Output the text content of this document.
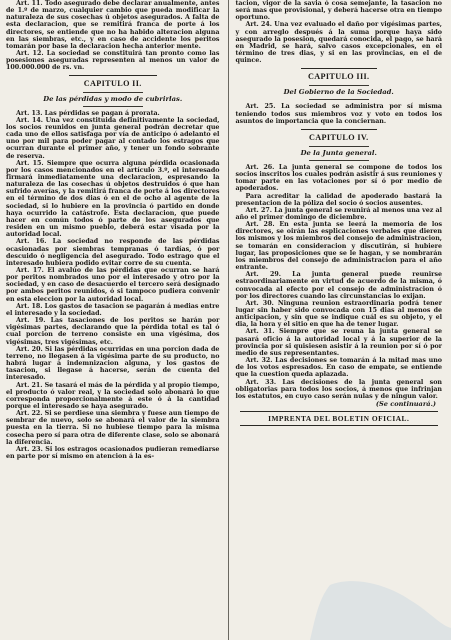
Art. 11. Todo asegurado debe declarar anualmente, antes de 1.º de marzo, cualquier cambio que pueda modificar la naturaleza de sus cosechas ú objetos asegurados. A falta de esta declaracion, que se remitirá franca de porte á los directores, se entiende que no ha habido alteracion alguna en las siembras, etc., y en caso de accidente los peritos tomarán por base la declaracion hecha anterior mente.

Art. 12. La sociedad se constituirá tan pronto como las posesiones aseguradas representen al menos un valor de 100.000.000 de rs. vn.

CAPITULO II.

De las pérdidas y modo de cubrirlas.

Art. 13. Las pérdidas se pagan á prorata.

Art. 14. Una vez constituida definitivamente la sociedad, los socios reunidos en junta general podrán decretar que cada uno de ellos satisfaga por vía de anticipo ó adelanto el uno por mil para poder pagar al contado los estragos que ocurran durante el primer año, y tener un fondo sobrante de reserva.

Art. 15. Siempre que ocurra alguna pérdida ocasionada por los casos mencionados en el artículo 3.º, el interesado firmará inmediatamente una declaracion, espresando la naturaleza de las cosechas ú objetos destruidos ó que han sufrido averías, y la remitirá franca de porte á los directores en el término de dos dias ó en el de ocho al agente de la sociedad, si lo hubiere en la provincia ó partido en donde haya ocurrido la catástrofe. Esta declaracion, que puede hacer en común todos ó parte de los asegurados que residen en un mismo pueblo, deberá estar visada por la autoridad local.

Art. 16. La sociedad no responde de las pérdidas ocasionadas por siembras tempranas ó tardías, ó por descuido ó negligencia del asegurado. Todo estrago que el interesado hubiera podido evitar corre de su cuenta.

Art. 17. El avalúo de las pérdidas que ocurran se hará por peritos nombrados uno por el interesado y otro por la sociedad, y en caso de desacuerdo el tercero será designado por ambos peritos reunidos, ó si tampoco pudiera convenir en esta eleccion por la autoridad local.

Art. 18. Los gastos de tasacion se pagarán á medias entre el interesado y la sociedad.

Art. 19. Las tasaciones de los peritos se harán por vigésimas partes, declarando que la pérdida total es tal ó cual porcion de terreno consiste en una vigésima, dos vigésimas, tres vigésimas, etc.

Art. 20. Si las pérdidas ocurridas en una porcion dada de terreno, no llegasen á la vigésima parte de su producto, no habrá lugar á indemnizacion alguna, y los gastos de tasacion, si llegase á hacerse, serán de cuenta del interesado.

Art. 21. Se tasará el más de la pérdida y al propio tiempo, el producto ó valor real, y la sociedad solo abonará lo que corresponda proporcionalmente á este ó á la cantidad porque el interesado se haya asegurado.

Art. 22. Si se perdiese una siembra y fuese aun tiempo de sembrar de nuevo, solo se abonará el valor de la siembra puesta en la tierra. Si no hubiese tiempo para la misma cosecha pero sí para otra de diferente clase, solo se abonará la diferencia.

Art. 23. Si los estragos ocasionados pudieran remediarse en parte por sí mismo en atencion á la es-

tacion, vigor de la savia ó cosa semejante, la tasacion no será mas que provisional, y deberá hacerse otra en tiempo oportuno.

Art. 24. Una vez evaluado el daño por vigésimas partes, y con arreglo después á la suma porque haya sido asegurado la posesion, quedará conocida, el pago, se hará en Madrid, se hará, salvo casos excepcionales, en el término de tres dias, y si en las provincias, en el de quince.

CAPITULO III.

Del Gobierno de la Sociedad.

Art. 25. La sociedad se administra por sí misma teniendo todos sus miembros voz y voto en todos los asuntos de importancia que la conciernan.

CAPITULO IV.

De la Junta general.

Art. 26. La junta general se compone de todos los socios inscritos los cuales podrán asistir á sus reuniones y tomar parte en las votaciones por sí ó por medio de apoderados.

Para acreditar la calidad de apoderado bastará la presentacion de la póliza del socio ó socios ausentes.

Art. 27. La junta general se reunirá al menos una vez al año el primer domingo de diciembre.

Art. 28. En esta junta se leerá la memoria de los directores, se oirán las esplicaciones verbales que dieren los mismos y los miembros del consejo de administracion, se tomarán en consideracion y discutirán, si hubiere lugar, las proposiciones que se le hagan, y se nombrarán los miembros del consejo de administracion para el año entrante.

Art. 29. La junta general puede reunirse estraordinariamente en virtud de acuerdo de la misma, ó convocada al efecto por el consejo de administracion ó por los directores cuando las circunstancias lo exijan.

Art. 30. Ninguna reunion estraordinaria podrá tener lugar sin haber sido convocada con 15 dias al menos de anticipacion, y sin que se indique cuál es su objeto, y el dia, la hora y el sitio en que ha de tener lugar.

Art. 31. Siempre que se reuna la junta general se pasará oficio á la autoridad local y á la superior de la provincia por si quisiesen asistir á la reunion por sí ó por medio de sus representantes.

Art. 32. Las decisiones se tomarán á la mitad mas uno de los votos espresados. En caso de empate, se entiende que la cuestion queda aplazada.

Art. 33. Las decisiones de la junta general son obligatorias para todos los socios, á menos que infrinjan los estatutos, en cuyo caso serán nulas y de ningun valor.

(Se continuará.)

IMPRENTA DEL BOLETIN OFICIAL.
